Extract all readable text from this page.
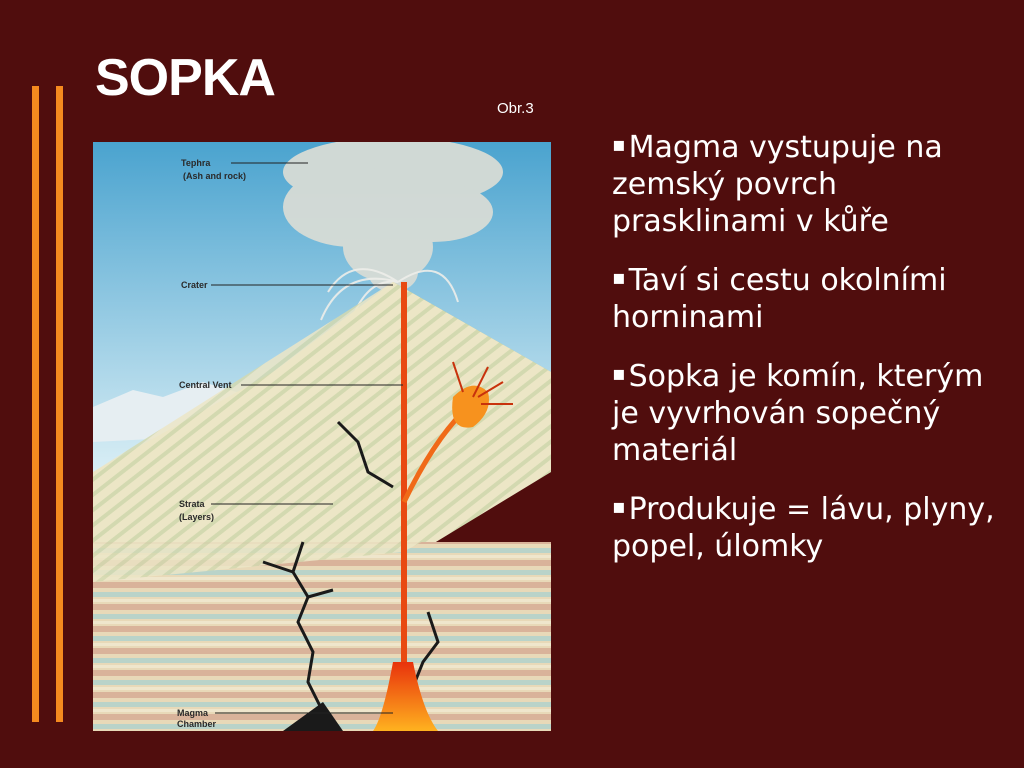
SOPKA
Obr.3
Tephra
(Ash and rock)
Crater
Central Vent
Strata
(Layers)
Magma
Chamber
▪ Magma vystupuje na zemský povrch prasklinami v kůře
▪ Taví si cestu okolními horninami
▪ Sopka je komín, kterým je vyvrhován sopečný materiál
▪ Produkuje = lávu, plyny, popel, úlomky
